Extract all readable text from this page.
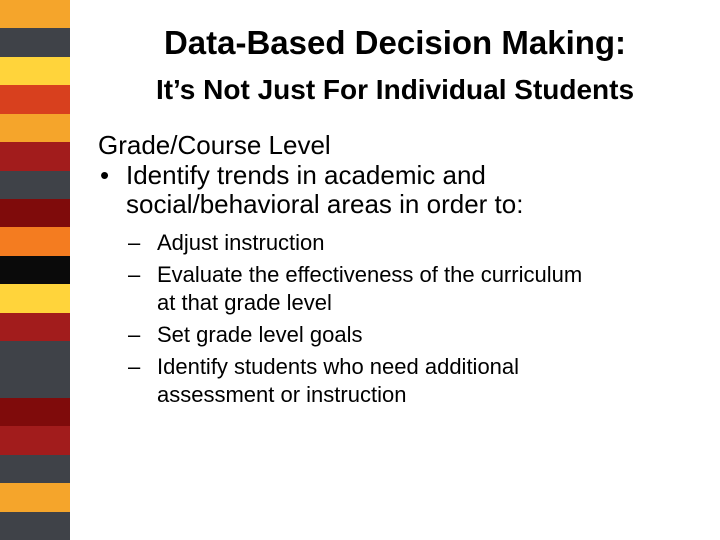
Data-Based Decision Making:
It’s Not Just For Individual Students
Grade/Course Level
• Identify trends in academic and
social/behavioral areas in order to:
– Adjust instruction
– Evaluate the effectiveness of the curriculum
at that grade level
– Set grade level goals
– Identify students who need additional
assessment or instruction
